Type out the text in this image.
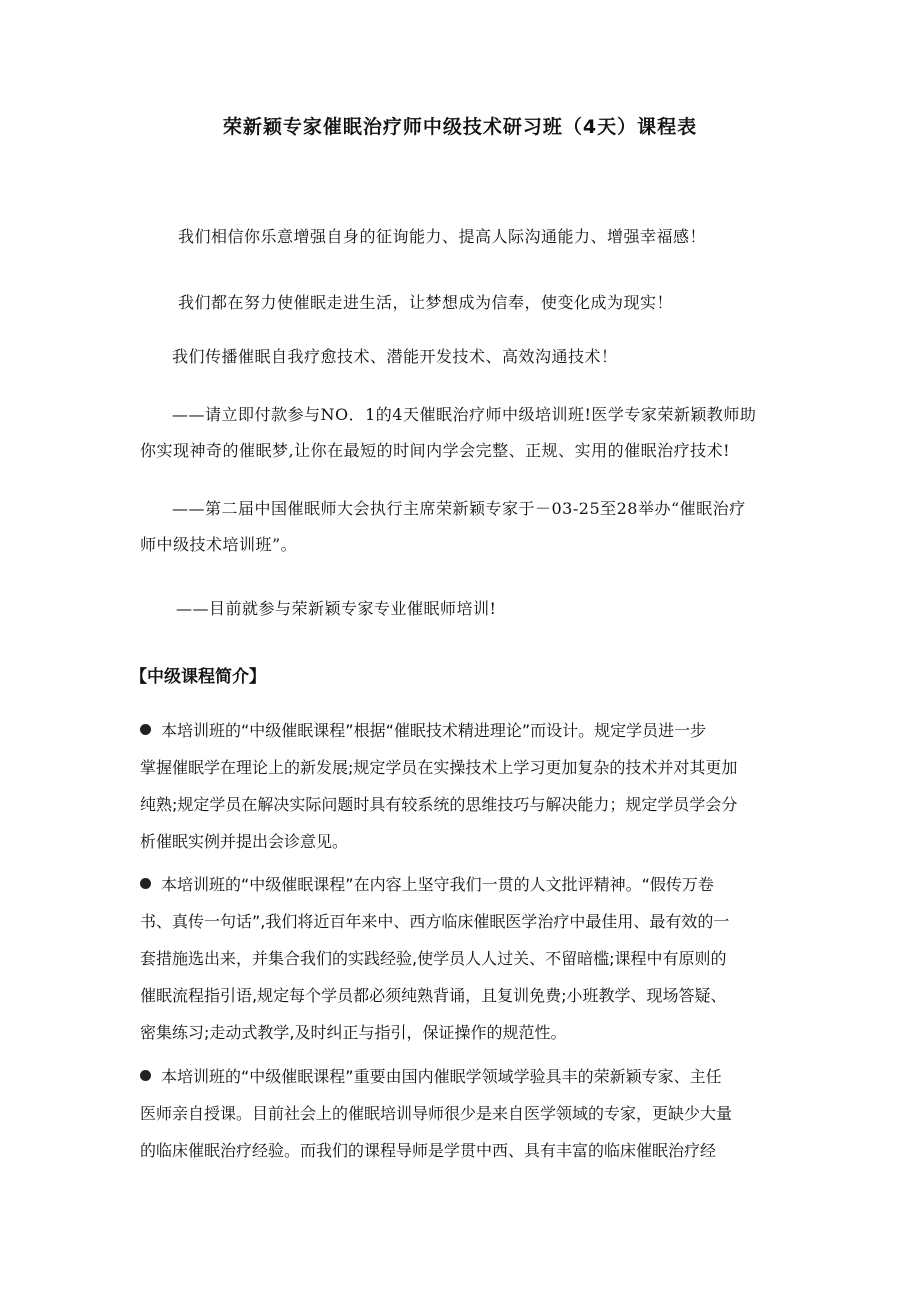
荣新颖专家催眠治疗师中级技术研习班（4天）课程表
我们相信你乐意增强自身的征询能力、提高人际沟通能力、增强幸福感！
我们都在努力使催眠走进生活，让梦想成为信奉，使变化成为现实！
我们传播催眠自我疗愈技术、潜能开发技术、高效沟通技术！
——请立即付款参与NO．1的4天催眠治疗师中级培训班!医学专家荣新颖教师助
你实现神奇的催眠梦,让你在最短的时间内学会完整、正规、实用的催眠治疗技术!
——第二届中国催眠师大会执行主席荣新颖专家于－03-25至28举办“催眠治疗
师中级技术培训班”。
——目前就参与荣新颖专家专业催眠师培训!
【中级课程简介】
本培训班的“中级催眠课程”根据“催眠技术精进理论”而设计。规定学员进一步
掌握催眠学在理论上的新发展;规定学员在实操技术上学习更加复杂的技术并对其更加
纯熟;规定学员在解决实际问题时具有较系统的思维技巧与解决能力；规定学员学会分
析催眠实例并提出会诊意见。
本培训班的“中级催眠课程”在内容上坚守我们一贯的人文批评精神。“假传万卷
书、真传一句话”,我们将近百年来中、西方临床催眠医学治疗中最佳用、最有效的一
套措施选出来，并集合我们的实践经验,使学员人人过关、不留暗槛;课程中有原则的
催眠流程指引语,规定每个学员都必须纯熟背诵，且复训免费;小班教学、现场答疑、
密集练习;走动式教学,及时纠正与指引，保证操作的规范性。
本培训班的“中级催眠课程”重要由国内催眠学领域学验具丰的荣新颖专家、主任
医师亲自授课。目前社会上的催眠培训导师很少是来自医学领域的专家，更缺少大量
的临床催眠治疗经验。而我们的课程导师是学贯中西、具有丰富的临床催眠治疗经
